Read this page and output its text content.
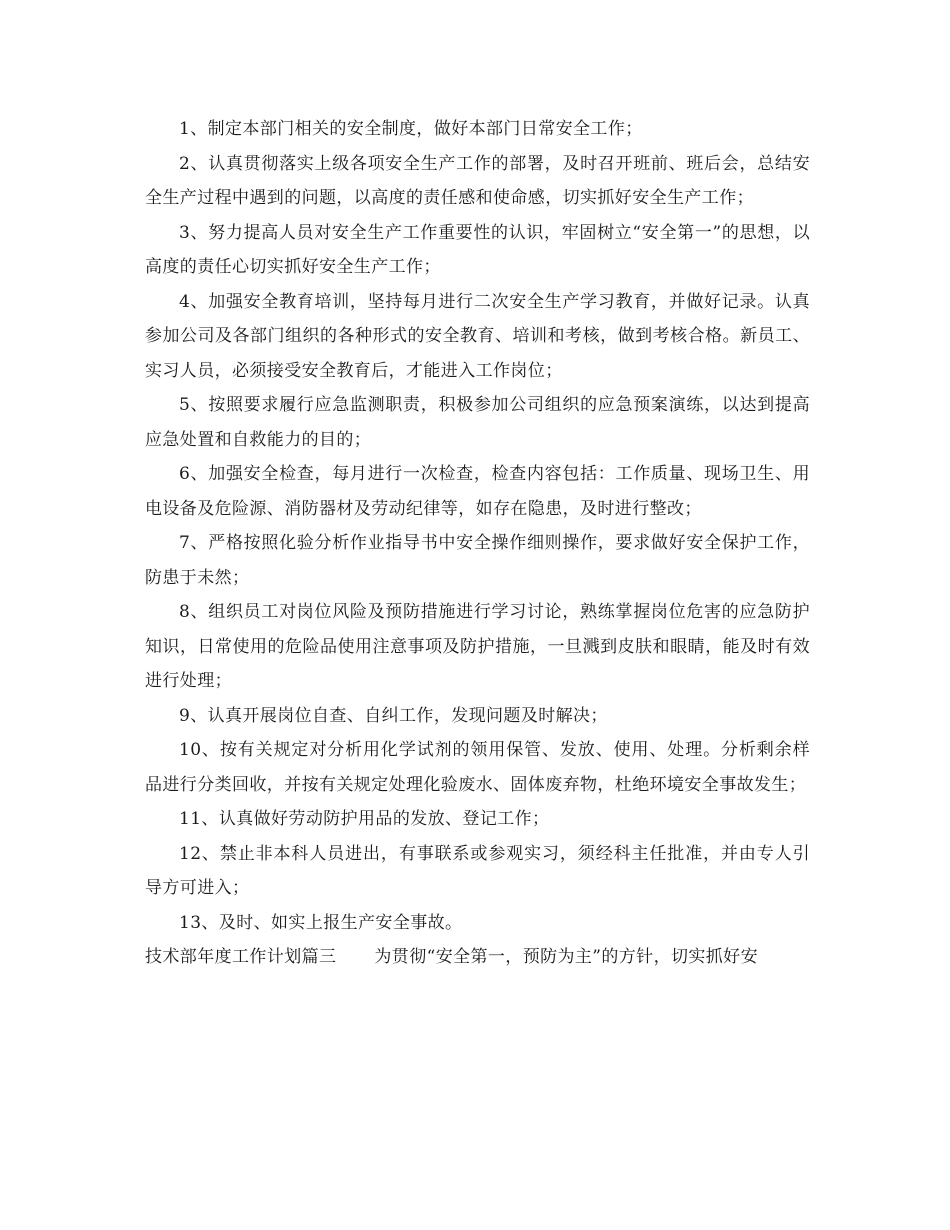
1、制定本部门相关的安全制度，做好本部门日常安全工作；

2、认真贯彻落实上级各项安全生产工作的部署，及时召开班前、班后会，总结安全生产过程中遇到的问题，以高度的责任感和使命感，切实抓好安全生产工作；

3、努力提高人员对安全生产工作重要性的认识，牢固树立“安全第一”的思想，以高度的责任心切实抓好安全生产工作；

4、加强安全教育培训，坚持每月进行二次安全生产学习教育，并做好记录。认真参加公司及各部门组织的各种形式的安全教育、培训和考核，做到考核合格。新员工、实习人员，必须接受安全教育后，才能进入工作岗位；

5、按照要求履行应急监测职责，积极参加公司组织的应急预案演练，以达到提高应急处置和自救能力的目的；

6、加强安全检查，每月进行一次检查，检查内容包括：工作质量、现场卫生、用电设备及危险源、消防器材及劳动纪律等，如存在隐患，及时进行整改；

7、严格按照化验分析作业指导书中安全操作细则操作，要求做好安全保护工作，防患于未然；

8、组织员工对岗位风险及预防措施进行学习讨论，熟练掌握岗位危害的应急防护知识，日常使用的危险品使用注意事项及防护措施，一旦溅到皮肤和眼睛，能及时有效进行处理；

9、认真开展岗位自查、自纠工作，发现问题及时解决；

10、按有关规定对分析用化学试剂的领用保管、发放、使用、处理。分析剩余样品进行分类回收，并按有关规定处理化验废水、固体废弃物，杜绝环境安全事故发生；

11、认真做好劳动防护用品的发放、登记工作；

12、禁止非本科人员进出，有事联系或参观实习，须经科主任批准，并由专人引导方可进入；

13、及时、如实上报生产安全事故。

技术部年度工作计划篇三 为贯彻“安全第一，预防为主”的方针，切实抓好安
